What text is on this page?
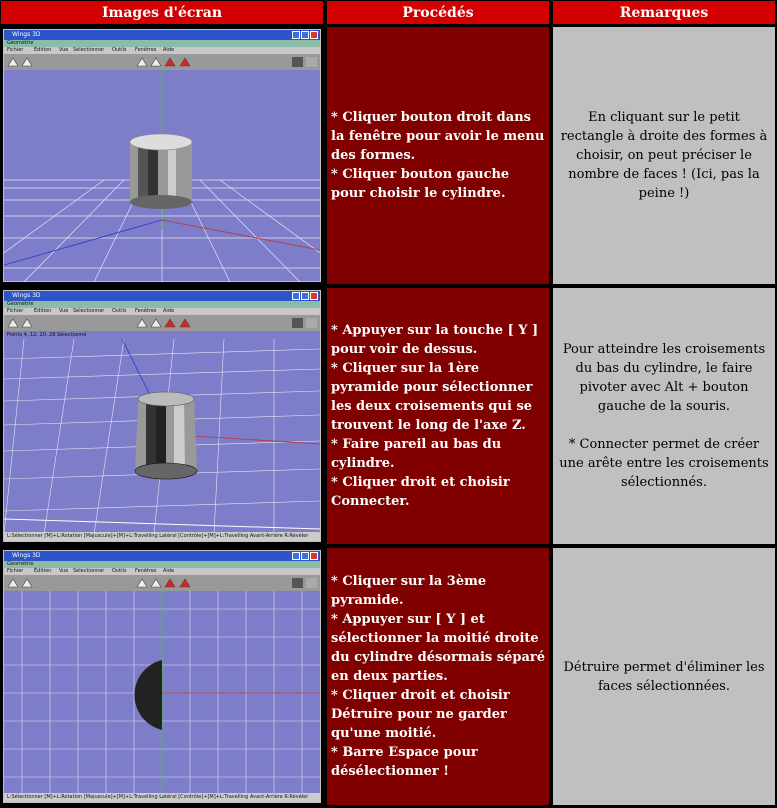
Images d'écran	Procédés	Remarques
Wings 3D
Géométrie
Fichier Édition Vue Sélectionner Outils Fenêtres Aide
* Cliquer bouton droit dans la fenêtre pour avoir le menu des formes.
* Cliquer bouton gauche pour choisir le cylindre.
En cliquant sur le petit rectangle à droite des formes à choisir, on peut préciser le nombre de faces ! (Ici, pas la peine !)
Wings 3D
Géométrie
Fichier Édition Vue Sélectionner Outils Fenêtres Aide
Points 4, 12, 20, 28 Sélectionné
L:Sélectionner [M]+L:Rotation [Majuscule]+[M]+L:Travelling Latéral [Contrôle]+[M]+L:Travelling Avant-Arrière R:Révéler
* Appuyer sur la touche [ Y ] pour voir de dessus.
* Cliquer sur la 1ère pyramide pour sélectionner les deux croisements qui se trouvent le long de l'axe Z.
* Faire pareil au bas du cylindre.
* Cliquer droit et choisir Connecter.
Pour atteindre les croisements du bas du cylindre, le faire pivoter avec Alt + bouton gauche de la souris.

* Connecter permet de créer une arête entre les croisements sélectionnés.
Wings 3D
Géométrie
Fichier Édition Vue Sélectionner Outils Fenêtres Aide
L:Sélectionner [M]+L:Rotation [Majuscule]+[M]+L:Travelling Latéral [Contrôle]+[M]+L:Travelling Avant-Arrière R:Révéler
* Cliquer sur la 3ème pyramide.
* Appuyer sur [ Y ] et sélectionner la moitié droite du cylindre désormais séparé en deux parties.
* Cliquer droit et choisir Détruire pour ne garder qu'une moitié.
* Barre Espace pour désélectionner !
Détruire permet d'éliminer les faces sélectionnées.
